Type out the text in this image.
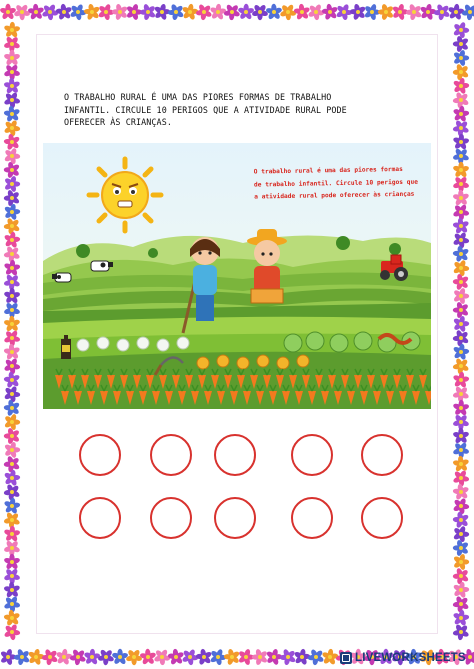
O TRABALHO RURAL É UMA DAS PIORES FORMAS DE TRABALHO
INFANTIL. CIRCULE 10 PERIGOS QUE A ATIVIDADE RURAL PODE
OFERECER ÀS CRIANÇAS.

O trabalho rural é uma das piores formas
de trabalho infantil. Circule 10 perigos que
a atividade rural pode oferecer às crianças

LIVEWORKSHEETS
